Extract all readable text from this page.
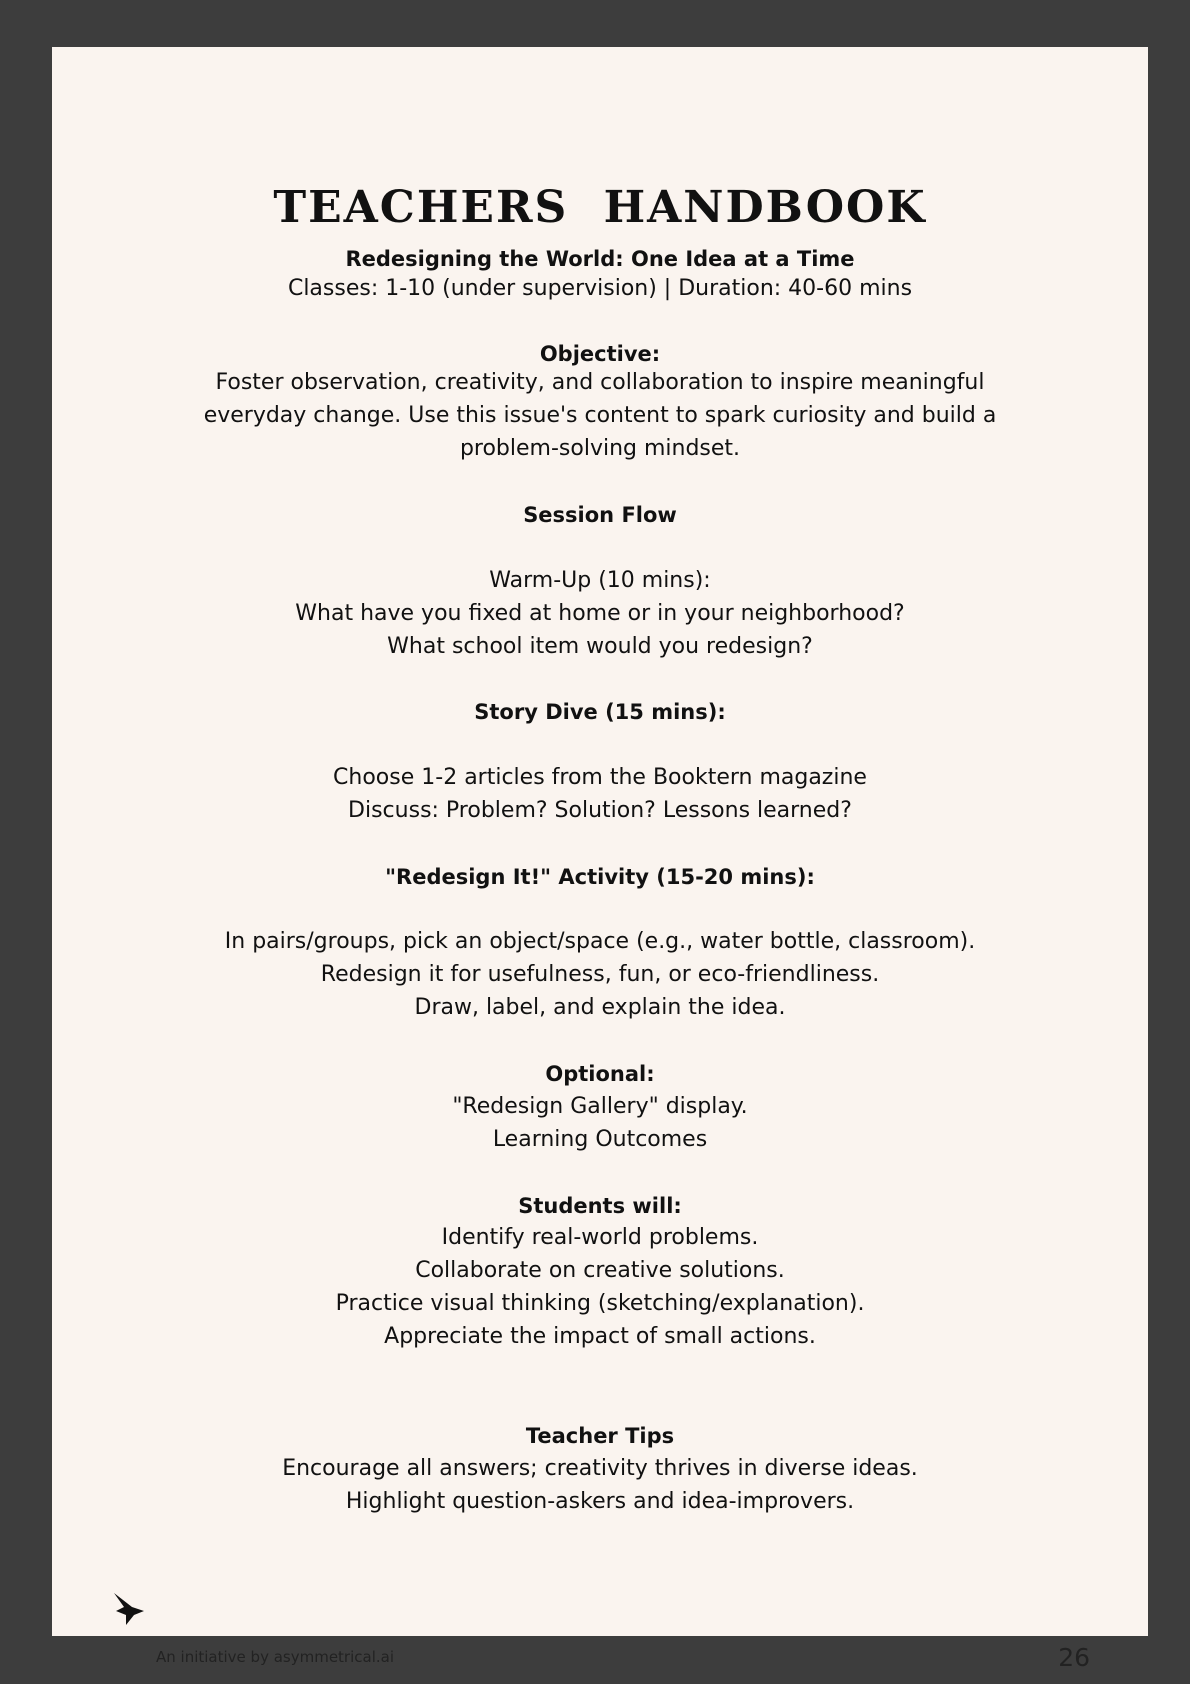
TEACHERS HANDBOOK
Redesigning the World: One Idea at a Time
Classes: 1-10 (under supervision) | Duration: 40-60 mins
Objective:
Foster observation, creativity, and collaboration to inspire meaningful
everyday change. Use this issue's content to spark curiosity and build a
problem-solving mindset.
Session Flow
Warm-Up (10 mins):
What have you fixed at home or in your neighborhood?
What school item would you redesign?
Story Dive (15 mins):
Choose 1-2 articles from the Booktern magazine
Discuss: Problem? Solution? Lessons learned?
"Redesign It!" Activity (15-20 mins):
In pairs/groups, pick an object/space (e.g., water bottle, classroom).
Redesign it for usefulness, fun, or eco-friendliness.
Draw, label, and explain the idea.
Optional:
"Redesign Gallery" display.
Learning Outcomes
Students will:
Identify real-world problems.
Collaborate on creative solutions.
Practice visual thinking (sketching/explanation).
Appreciate the impact of small actions.
Teacher Tips
Encourage all answers; creativity thrives in diverse ideas.
Highlight question-askers and idea-improvers.
An initiative by asymmetrical.ai	26
